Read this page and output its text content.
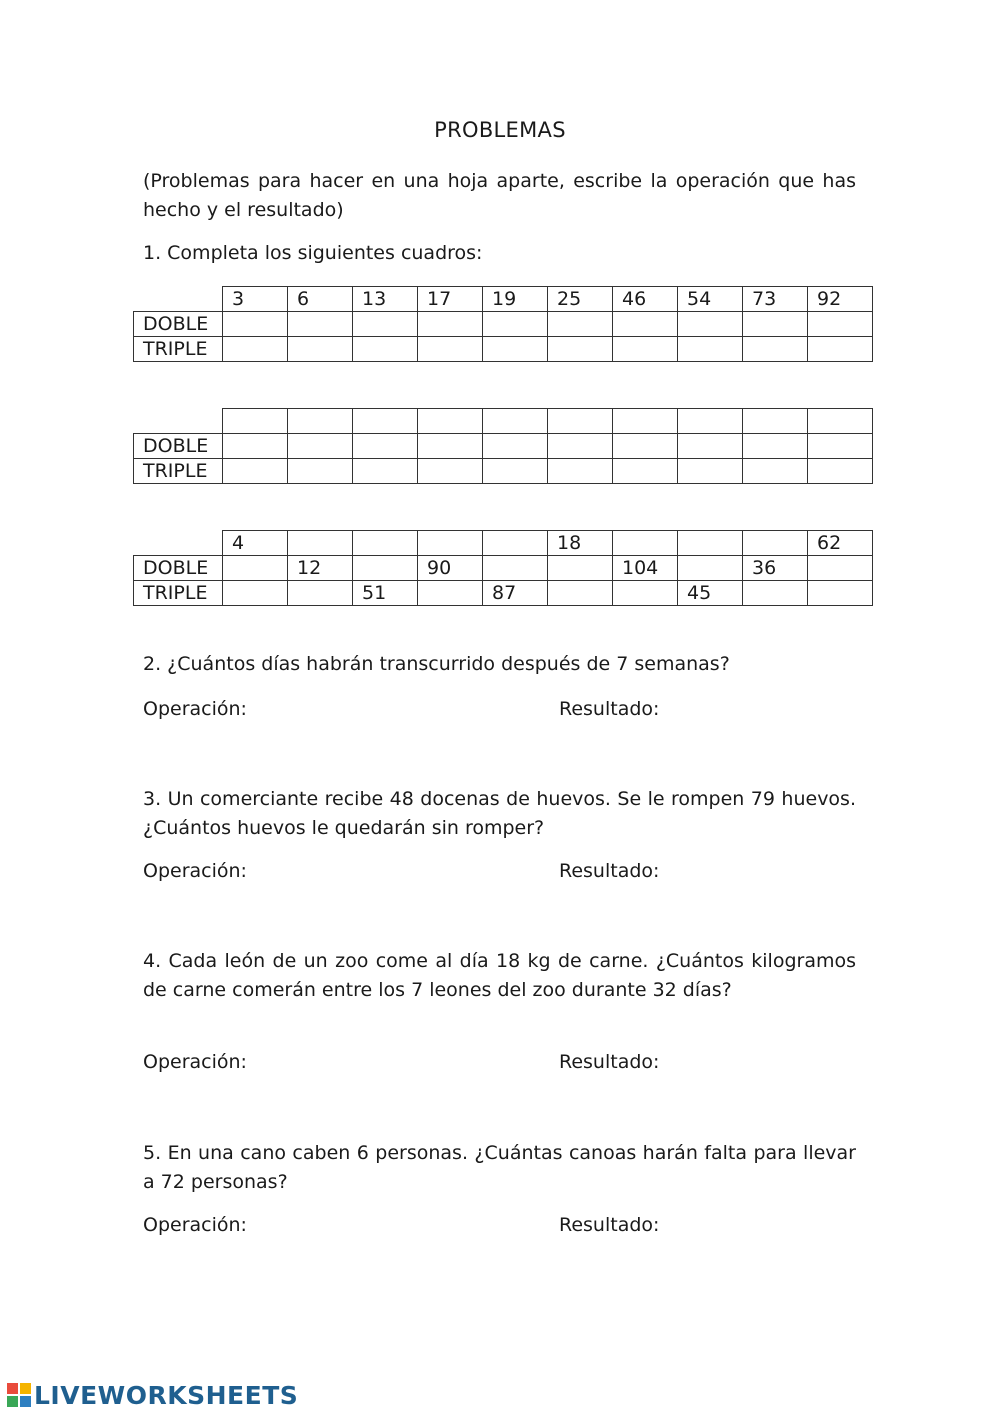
PROBLEMAS
(Problemas para hacer en una hoja aparte, escribe la operación que has hecho y el resultado)
1. Completa los siguientes cuadros:
	3	6	13	17	19	25	46	54	73	92
DOBLE										
TRIPLE										

DOBLE										
TRIPLE										
	4					18				62
DOBLE		12		90			104		36	
TRIPLE			51		87			45		
2. ¿Cuántos días habrán transcurrido después de 7 semanas?
Operación:	Resultado:
3. Un comerciante recibe 48 docenas de huevos. Se le rompen 79 huevos. ¿Cuántos huevos le quedarán sin romper?
Operación:	Resultado:
4. Cada león de un zoo come al día 18 kg de carne. ¿Cuántos kilogramos de carne comerán entre los 7 leones del zoo durante 32 días?
Operación:	Resultado:
5. En una cano caben 6 personas. ¿Cuántas canoas harán falta para llevar a 72 personas?
Operación:	Resultado:
LIVEWORKSHEETS
